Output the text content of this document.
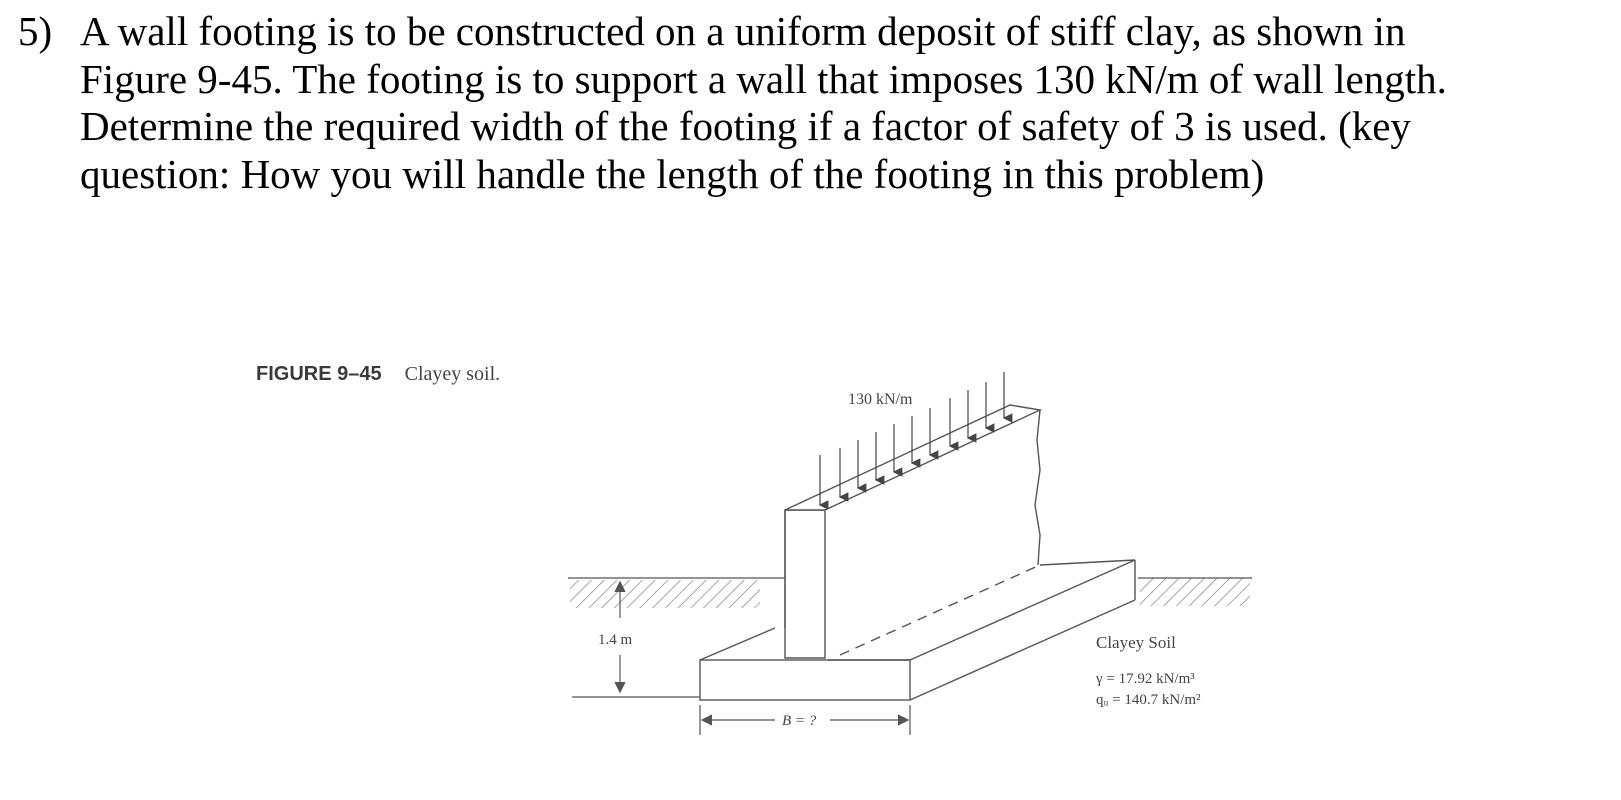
5) A wall footing is to be constructed on a uniform deposit of stiff clay, as shown in Figure 9-45. The footing is to support a wall that imposes 130 kN/m of wall length. Determine the required width of the footing if a factor of safety of 3 is used. (key question: How you will handle the length of the footing in this problem)
FIGURE 9–45 Clayey soil.
130 kN/m
1.4 m
B = ?
Clayey Soil
γ = 17.92 kN/m³
qᵤ = 140.7 kN/m²
